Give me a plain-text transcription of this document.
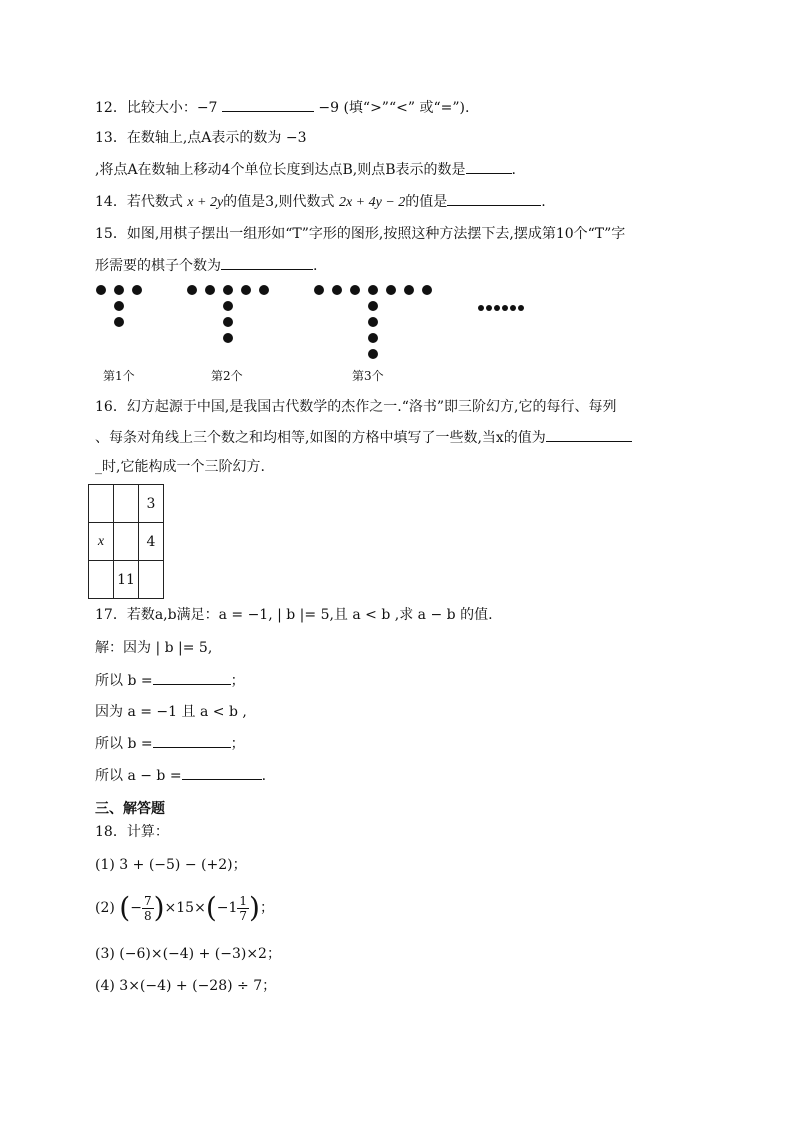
12．比较大小：−7	−9 (填“>”“<” 或“=”).
13．在数轴上,点A表示的数为 −3
,将点A在数轴上移动4个单位长度到达点B,则点B表示的数是	.
14．若代数式 x + 2y的值是3,则代数式 2x + 4y − 2的值是	.
15．如图,用棋子摆出一组形如“T”字形的图形,按照这种方法摆下去,摆成第10个“T”字
形需要的棋子个数为	.
第1个	第2个	第3个
16．幻方起源于中国,是我国古代数学的杰作之一.“洛书”即三阶幻方,它的每行、每列
、每条对角线上三个数之和均相等,如图的方格中填写了一些数,当x的值为
_时,它能构成一个三阶幻方.
		3
x		4
	11	
17．若数a,b满足：a = −1, | b |= 5,且 a < b ,求 a − b 的值.
解：因为 | b |= 5,
所以 b =	；
因为 a = −1 且 a < b ,
所以 b =	；
所以 a − b =	.
三、解答题
18．计算：
(1) 3 + (−5) − (+2)；
(2) (− $\frac{7}{8} )\times 15\times(-1 \frac{1}{7}$ )；
(3) (−6)×(−4) + (−3)×2；
(4) 3×(−4) + (−28) ÷ 7；
